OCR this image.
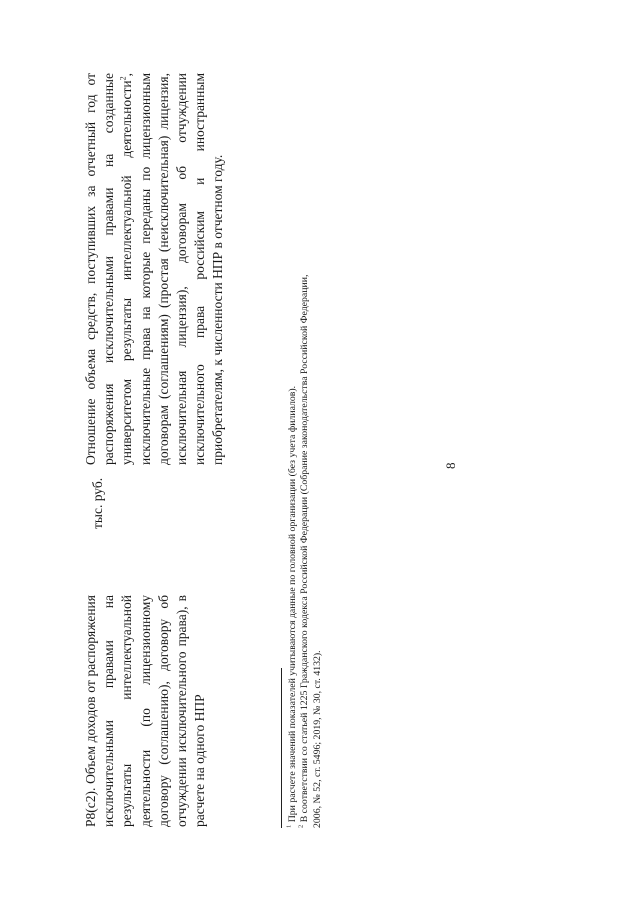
8
Р8(с2). Объем доходов от распоряжения исключительными правами на результаты интеллектуальной деятельности (по лицензионному договору (соглашению), договору об отчуждении исключительного права), в расчете на одного НПР
тыс. руб.
Отношение объема средств, поступивших за отчетный год от распоряжения исключительными правами на созданные университетом результаты интеллектуальной деятельности$^2$, исключительные права на которые переданы по лицензионным договорам (соглашениям) (простая (неисключительная) лицензия, исключительная лицензия), договорам об отчуждении исключительного права российским и иностранным приобретателям, к численности НПР в отчетном году.

$^1$ При расчете значений показателей учитываются данные по головной организации (без учета филиалов).

$^2$ В соответствии со статьей 1225 Гражданского кодекса Российской Федерации (Собрание законодательства Российской Федерации, 2006, № 52, ст. 5496; 2019, № 30, ст. 4132).
